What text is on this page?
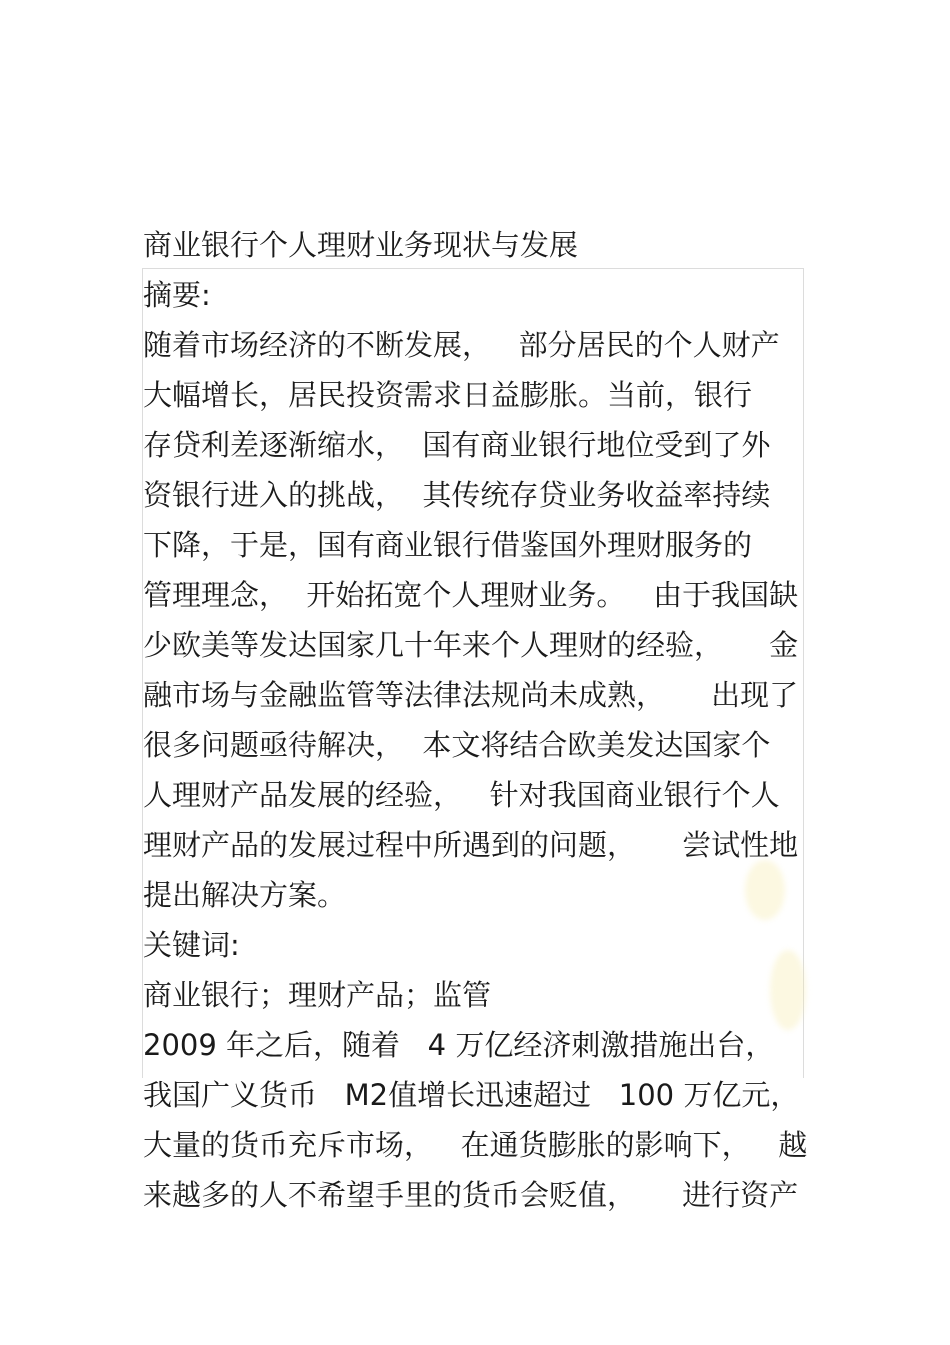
商业银行个人理财业务现状与发展
摘要:
随着市场经济的不断发展，   部分居民的个人财产
大幅增长，居民投资需求日益膨胀。当前，银行
存贷利差逐渐缩水，  国有商业银行地位受到了外
资银行进入的挑战，  其传统存贷业务收益率持续
下降，于是，国有商业银行借鉴国外理财服务的
管理理念，  开始拓宽个人理财业务。   由于我国缺
少欧美等发达国家几十年来个人理财的经验，     金
融市场与金融监管等法律法规尚未成熟，     出现了
很多问题亟待解决，  本文将结合欧美发达国家个
人理财产品发展的经验，   针对我国商业银行个人
理财产品的发展过程中所遇到的问题，     尝试性地
提出解决方案。
关键词:
商业银行；理财产品；监管
2009 年之后，随着   4 万亿经济刺激措施出台，
我国广义货币   M2值增长迅速超过   100 万亿元，
大量的货币充斥市场，   在通货膨胀的影响下，   越
来越多的人不希望手里的货币会贬值，     进行资产
